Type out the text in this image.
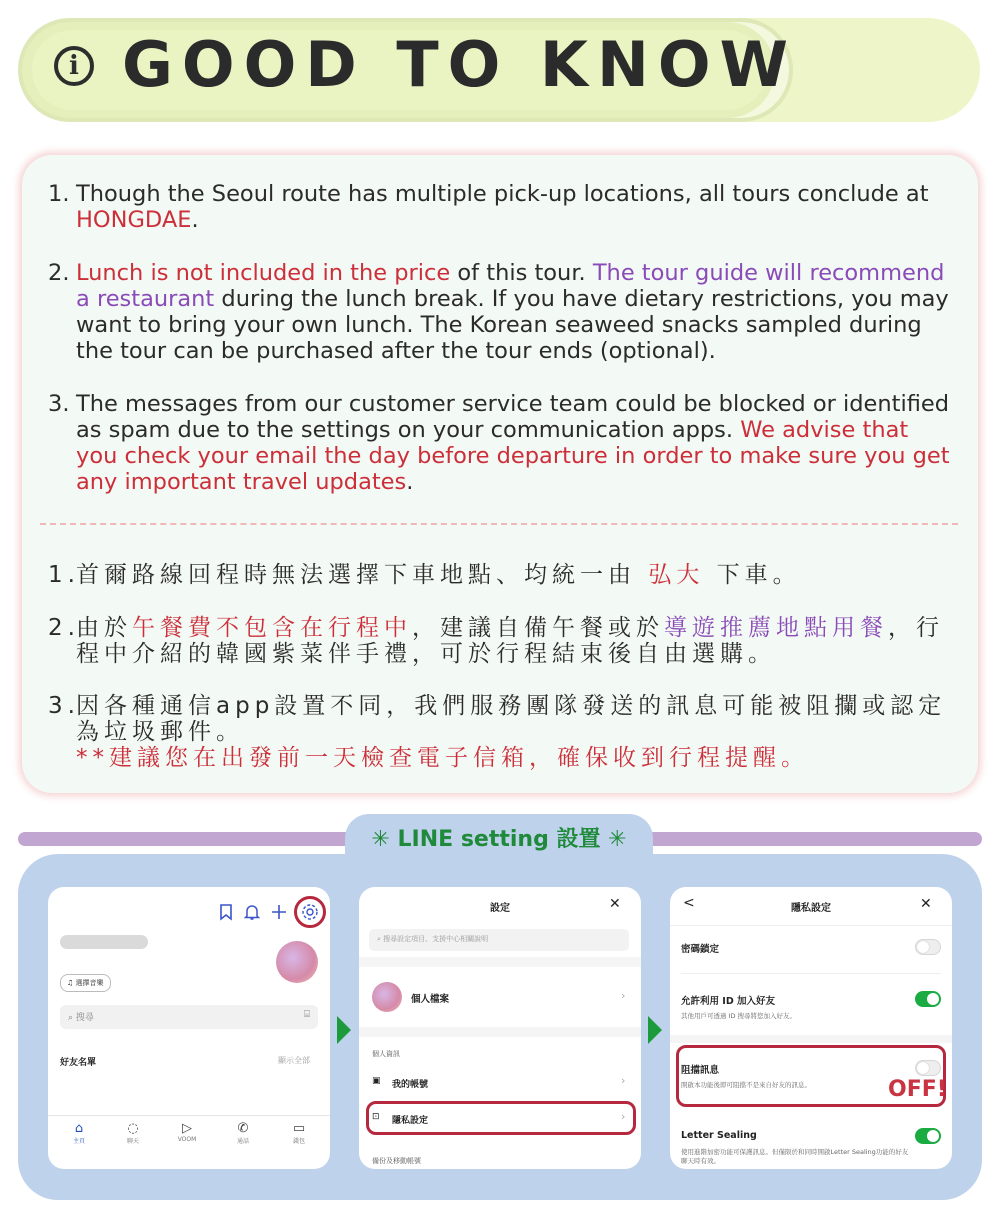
i GOOD TO KNOW
1. Though the Seoul route has multiple pick-up locations, all tours conclude at HONGDAE.
2. Lunch is not included in the price of this tour. The tour guide will recommend a restaurant during the lunch break. If you have dietary restrictions, you may want to bring your own lunch. The Korean seaweed snacks sampled during the tour can be purchased after the tour ends (optional).
3. The messages from our customer service team could be blocked or identified as spam due to the settings on your communication apps. We advise that you check your email the day before departure in order to make sure you get any important travel updates.
1.
首爾路線回程時無法選擇下車地點、均統一由 弘大 下車。
2.
由於午餐費不包含在行程中，建議自備午餐或於導遊推薦地點用餐，行程中介紹的韓國紫菜伴手禮，可於行程結束後自由選購。
3.
因各種通信app設置不同，我們服務團隊發送的訊息可能被阻攔或認定為垃圾郵件。
**建議您在出發前一天檢查電子信箱，確保收到行程提醒。
✳ LINE setting 設置 ✳
♫ 選擇音樂
⌕ 搜尋	⌸
好友名單	顯示全部
⌂
主頁
◌
聊天
▷
VOOM
✆
通話
▭
錢包
設定	✕
⌕ 搜尋設定項目、支援中心相關說明
個人檔案	›
個人資訊
▣ 我的帳號	›
⊡ 隱私設定	›
備份及移動帳號
<	隱私設定	✕
密碼鎖定
允許利用 ID 加入好友
其他用戶可透過 ID 搜尋將您加入好友。
阻擋訊息
開啟本功能後即可阻擋不是來自好友的訊息。	OFF!
Letter Sealing
使用進階加密功能可保護訊息。但僅限於和同時開啟Letter Sealing功能的好友聊天時有效。
